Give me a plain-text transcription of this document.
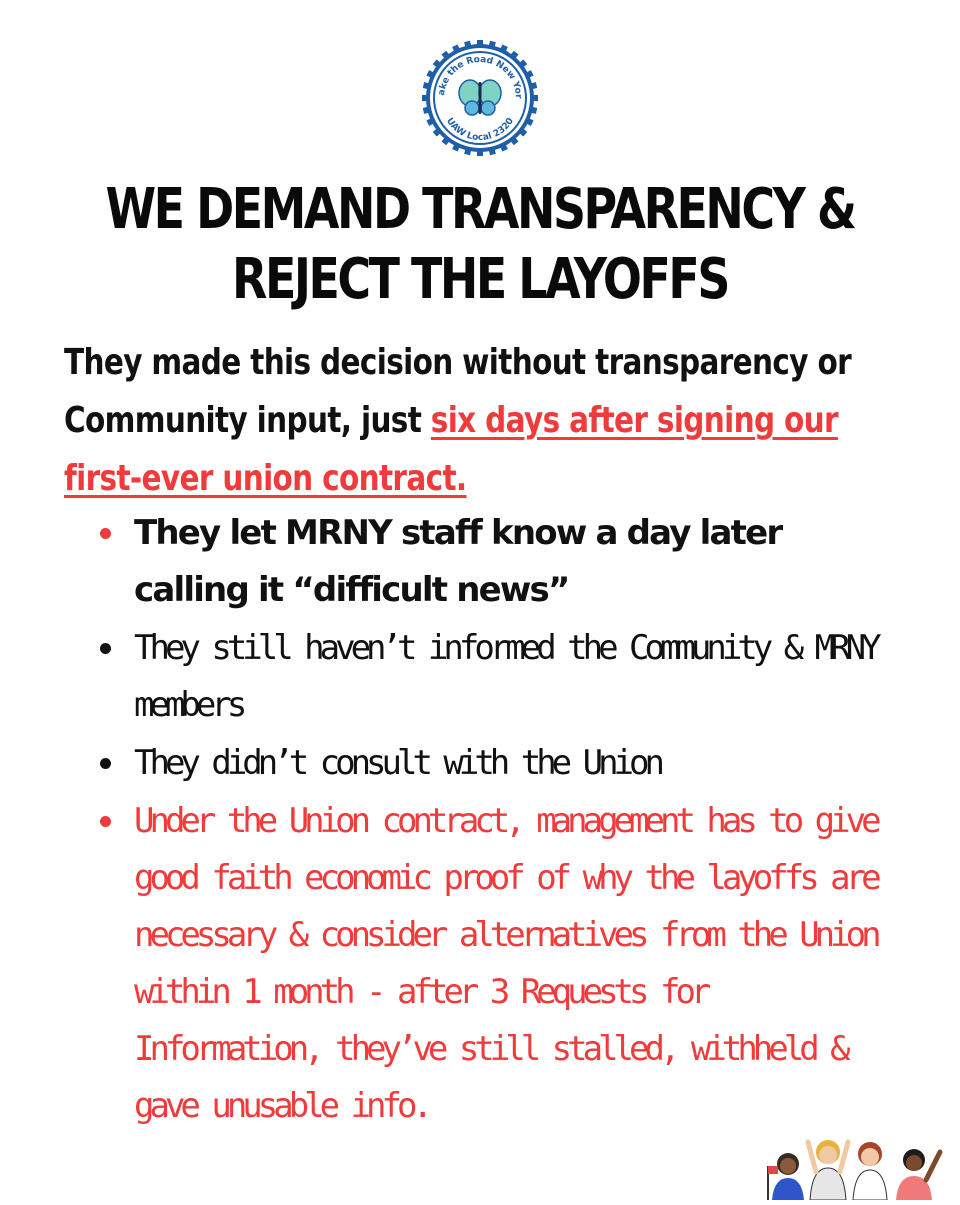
ake the Road New Yor
UAW Local 2320
WE DEMAND TRANSPARENCY &
REJECT THE LAYOFFS
They made this decision without transparency or Community input, just six days after signing our first-ever union contract.
They let MRNY staff know a day later calling it “difficult news”
They still haven’t informed the Community & MRNY members
They didn’t consult with the Union
Under the Union contract, management has to give good faith economic proof of why the layoffs are necessary & consider alternatives from the Union within 1 month - after 3 Requests for Information, they’ve still stalled, withheld & gave unusable info.
